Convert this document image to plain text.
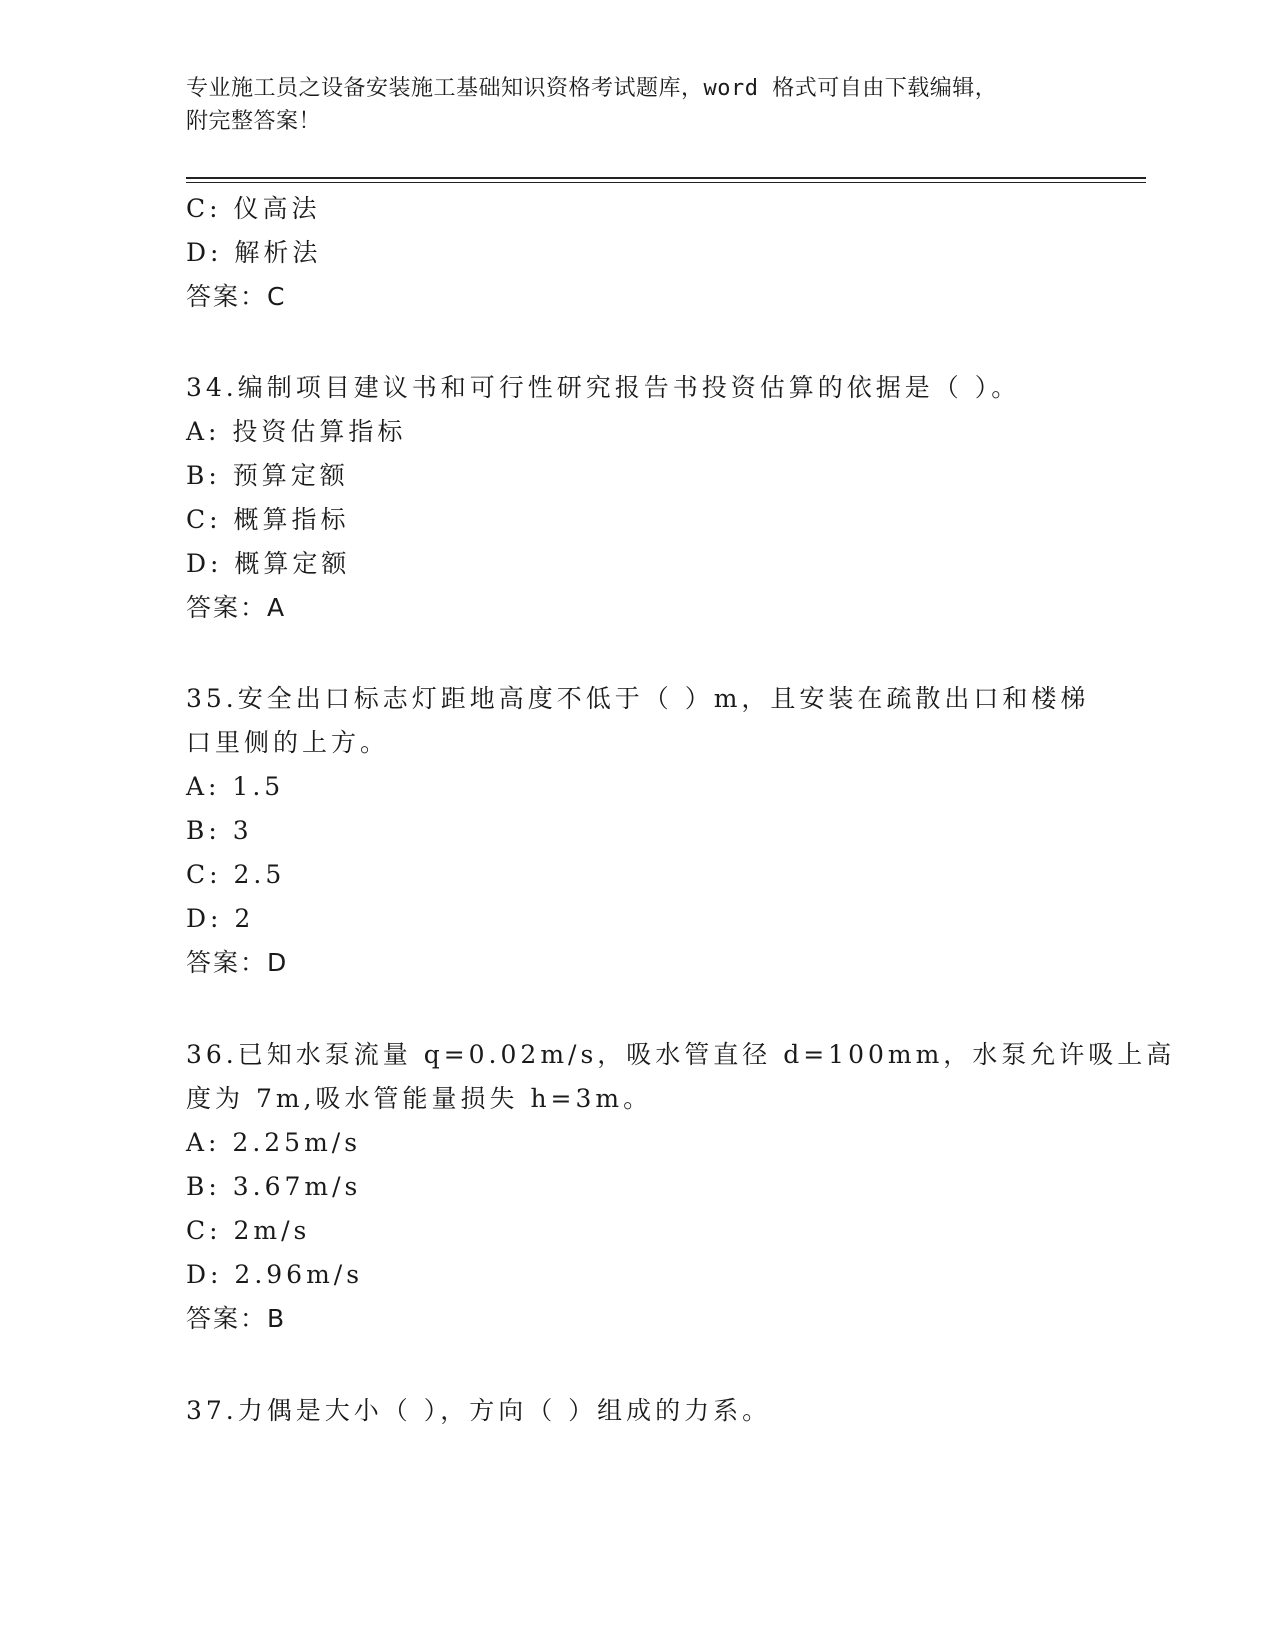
专业施工员之设备安装施工基础知识资格考试题库，word 格式可自由下载编辑，
附完整答案！
C: 仪高法
D: 解析法
答案：C
34.编制项目建议书和可行性研究报告书投资估算的依据是（ ）。
A: 投资估算指标
B: 预算定额
C: 概算指标
D: 概算定额
答案：A
35.安全出口标志灯距地高度不低于（ ）m，且安装在疏散出口和楼梯
口里侧的上方。
A: 1.5
B: 3
C: 2.5
D: 2
答案：D
36.已知水泵流量 q=0.02m/s，吸水管直径 d=100mm，水泵允许吸上高
度为 7m,吸水管能量损失 h=3m。
A: 2.25m/s
B: 3.67m/s
C: 2m/s
D: 2.96m/s
答案：B
37.力偶是大小（ ），方向（ ）组成的力系。
